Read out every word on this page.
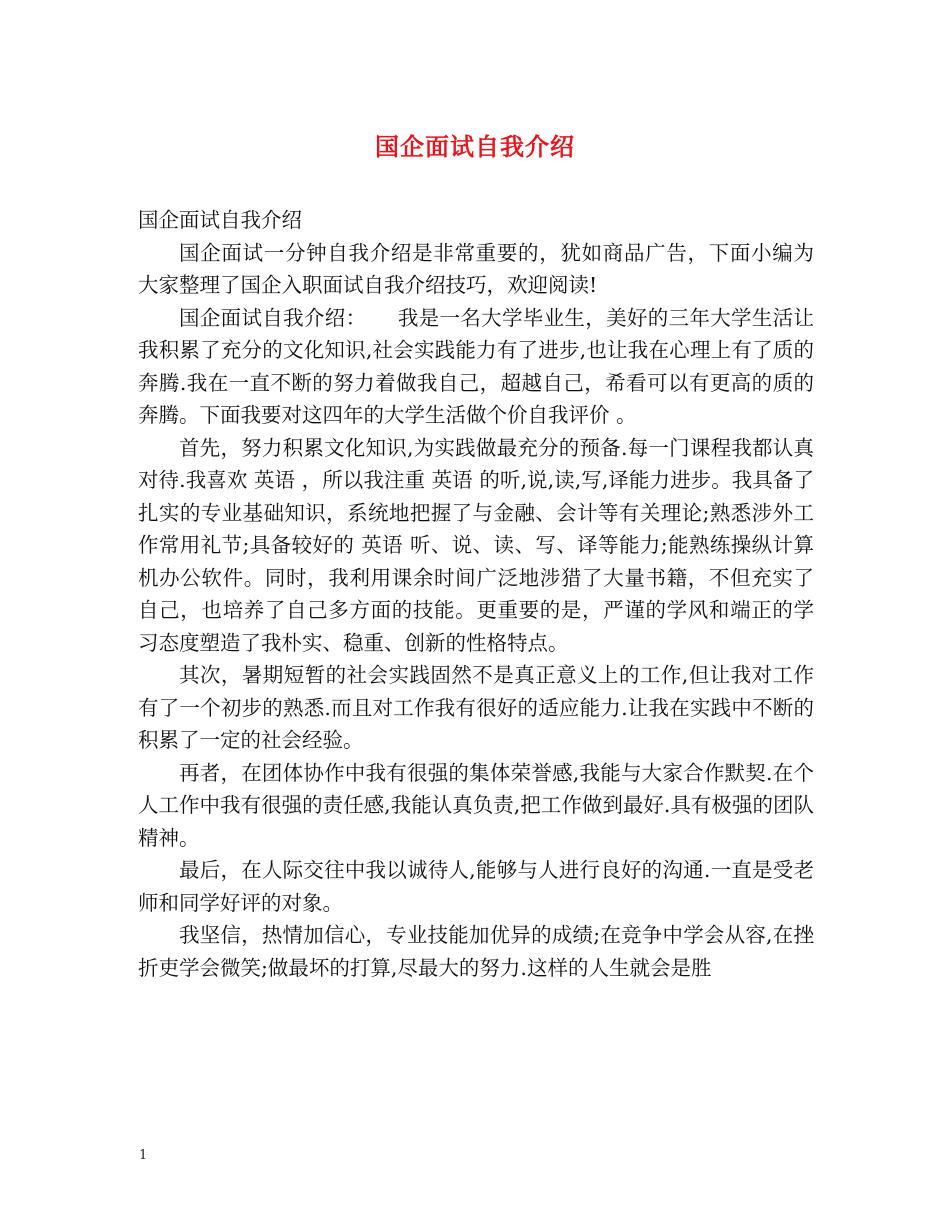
国企面试自我介绍

国企面试自我介绍

国企面试一分钟自我介绍是非常重要的，犹如商品广告，下面小编为大家整理了国企入职面试自我介绍技巧，欢迎阅读!

国企面试自我介绍：　　我是一名大学毕业生，美好的三年大学生活让我积累了充分的文化知识,社会实践能力有了进步,也让我在心理上有了质的奔腾.我在一直不断的努力着做我自己，超越自己，希看可以有更高的质的奔腾。下面我要对这四年的大学生活做个价自我评价 。

首先，努力积累文化知识,为实践做最充分的预备.每一门课程我都认真对待.我喜欢 英语 ，所以我注重 英语 的听,说,读,写,译能力进步。我具备了扎实的专业基础知识，系统地把握了与金融、会计等有关理论;熟悉涉外工作常用礼节;具备较好的 英语 听、说、读、写、译等能力;能熟练操纵计算机办公软件。同时，我利用课余时间广泛地涉猎了大量书籍，不但充实了自己，也培养了自己多方面的技能。更重要的是，严谨的学风和端正的学习态度塑造了我朴实、稳重、创新的性格特点。

其次，暑期短暂的社会实践固然不是真正意义上的工作,但让我对工作有了一个初步的熟悉.而且对工作我有很好的适应能力.让我在实践中不断的积累了一定的社会经验。

再者，在团体协作中我有很强的集体荣誉感,我能与大家合作默契.在个人工作中我有很强的责任感,我能认真负责,把工作做到最好.具有极强的团队精神。

最后，在人际交往中我以诚待人,能够与人进行良好的沟通.一直是受老师和同学好评的对象。

我坚信，热情加信心，专业技能加优异的成绩;在竞争中学会从容,在挫折吏学会微笑;做最坏的打算,尽最大的努力.这样的人生就会是胜

1
